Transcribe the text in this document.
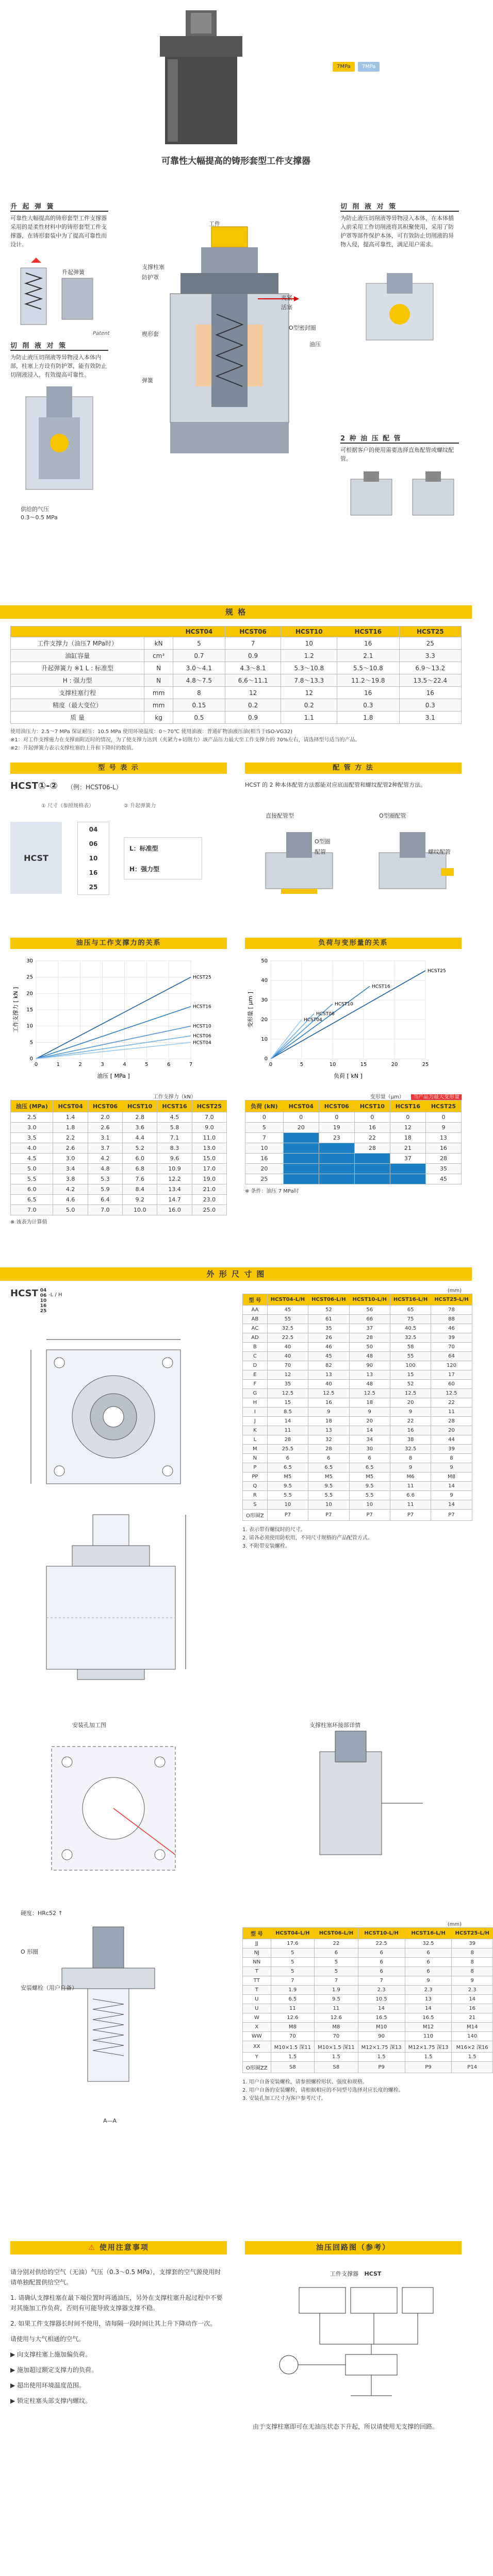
7MPa	7MPa
可靠性大幅提高的铸形套型工件支撑器
升 起 弹 簧
可靠性大幅提高的铸形套型工件支撑器采用的是柔性材料中的铸形套型工件支撑器，在铸形套装中为了提高可靠性而设计。
升起弹簧
切 削 液 对 策
Patent
为防止液压切削液等异物浸入本体内部，柱塞上方设有防护罩，能有效防止切削液浸入，有效提高可靠性。
供给的气压
0.3～0.5 MPa
工件
支撑柱塞
防护罩
夹紧
活塞
楔形套
油压
O型密封圈
弹簧
切 削 液 对 策
为防止液压切削液等异物浸入本体，在本体插入前采用工作切削液将其积聚使用，采用了防护罩等部件保护本体，可有效防止切削液的异物入侵，提高可靠性，满足用户需求。
2 种 油 压 配 管
可根据客户的使用需要选择直角配管或螺纹配管。
规 格
		HCST04	HCST06	HCST10	HCST16	HCST25
工件支撑力（油压7 MPa时）	kN	5	7	10	16	25
油缸容量	cm³	0.7	0.9	1.2	2.1	3.3
升起弹簧力 ※1 L : 标准型	N	3.0～4.1	4.3～8.1	5.3～10.8	5.5～10.8	6.9～13.2
H : 强力型	N	4.8～7.5	6.6～11.1	7.8～13.3	11.2～19.8	13.5～22.4
支撑柱塞行程	mm	8	12	12	16	16
精度（最大变位）	mm	0.15	0.2	0.2	0.3	0.3
质 量	kg	0.5	0.9	1.1	1.8	3.1
使用油压力：2.5～7 MPa 保证耐压：10.5 MPa 使用环境温度：0～70℃ 使用油液：普通矿物油液压油(相当于ISO-VG32)
※1：对工作支撑施力在支撑面附近时的情况，为了使支撑力达到（夹紧力+切削力）该产品压力最大至工作支撑力的 70%左右，请选择型号适当的产品。
※2：升起弹簧力表示支撑柱塞的上升和下降时的数值。
型 号 表 示	配 管 方 法
HCST①-② （例：HCST06-L）
① 尺寸（参照规格表）	② 升起弹簧力
HCST
04
06
10
16
25
L：标准型
H：强力型
HCST 的 2 种本体配管方法都能对应底面配管和螺纹配管2种配管方法。
直接配管型	O型圈配管
O型圈
配管	螺纹配管
油压与工作支撑力的关系	负荷与变形量的关系
0	1	2	3	4	5	6	7
0
5
10
15
20
25
30
油压 [ MPa ]
工作支撑力 [ kN ]
HCST25
HCST16
HCST10
HCST06
HCST04
0	5	10	15	20	25
0
10
20
30
40
50
负荷 [ kN ]
变形量 [ μm ]
HCST25
HCST16
HCST10
HCST06
HCST04
工作支撑力（kN）
油压 (MPa)	HCST04	HCST06	HCST10	HCST16	HCST25
2.5	1.4	2.0	2.8	4.5	7.0
3.0	1.8	2.6	3.6	5.8	9.0
3.5	2.2	3.1	4.4	7.1	11.0
4.0	2.6	3.7	5.2	8.3	13.0
4.5	3.0	4.2	6.0	9.6	15.0
5.0	3.4	4.8	6.8	10.9	17.0
5.5	3.8	5.3	7.6	12.2	19.0
6.0	4.2	5.9	8.4	13.4	21.0
6.5	4.6	6.4	9.2	14.7	23.0
7.0	5.0	7.0	10.0	16.0	25.0
※ 该表为计算值
变形量（μm） 当产品为最大变形量
负荷 (kN)	HCST04	HCST06	HCST10	HCST16	HCST25
0	0	0	0	0	0
5	20	19	16	12	9
7		23	22	18	13
10			28	21	16
16				37	28
20					35
25					45
※ 条件：油压 7 MPa时
外 形 尺 寸 图
HCST 04
06
10
16
25
-L / H
(mm)
型 号	HCST04-L/H	HCST06-L/H	HCST10-L/H	HCST16-L/H	HCST25-L/H
AA	45	52	56	65	78
AB	55	61	66	75	88
AC	32.5	35	37	40.5	46
AD	22.5	26	28	32.5	39
B	40	46	50	58	70
C	40	45	48	55	64
D	70	82	90	100	120
E	12	13	13	15	17
F	35	40	48	52	60
G	12.5	12.5	12.5	12.5	12.5
H	15	16	18	20	22
I	8.5	9	9	9	11
J	14	18	20	22	28
K	11	13	14	16	20
L	28	32	34	38	44
M	25.5	28	30	32.5	39
N	6	6	6	8	8
P	6.5	6.5	6.5	9	9
PP	M5	M5	M5	M6	M8
Q	9.5	9.5	9.5	11	14
R	5.5	5.5	5.5	6.6	9
S	10	10	10	11	14
O形圈Z	P7	P7	P7	P7	P7
1. 表示带有螺纹时的尺寸。
2. 请各必须使用防松用，不同尺寸规格的产品配管方式。
3. 不附带安装螺栓。
安装孔加工图	支撑柱塞环接部详情
硬度：HRc52 ↑
O 形圈
安装螺栓（用户自备）
A—A
(mm)
型 号	HCST04-L/H	HCST06-L/H	HCST10-L/H	HCST16-L/H	HCST25-L/H
JJ	17.6	22	22.5	32.5	39
NJ	5	6	6	6	8
NN	5	5	6	6	8
T	5	5	6	6	8
TT	7	7	7	9	9
T	1.9	1.9	2.3	2.3	2.3
U	6.5	9.5	10.5	13	14
U	11	11	14	14	16
W	12.6	12.6	16.5	16.5	21
X	M8	M8	M10	M12	M14
WW	70	70	90	110	140
XX	M10×1.5 深11	M10×1.5 深11	M12×1.75 深13	M12×1.75 深13	M16×2 深16
Y	1.5	1.5	1.5	1.5	1.5
O形圈ZZ	S8	S8	P9	P9	P14
1. 用户自备安装螺栓，请参照螺栓形状、强度和规格。
2. 用户自备的安装螺栓，请根据相应的不同型号选择对应长度的螺栓。
3. 安装孔加工尺寸为客户参考尺寸。
⚠ 使用注意事项	油压回路图（参考）
请分别对供给的空气（无油）气压（0.3～0.5 MPa），支撑套的空气源使用时请单独配置供给空气。
1. 请确认支撑柱塞在最下端位置时再通油压，另外在支撑柱塞升起过程中不要对其施加工作负荷，否则有可能导致支撑器支撑不稳。
2. 如果工件支撑器长时间不使用，请每隔一段时间让其上升下降动作一次。
请使用与大气相通的空气。
▶ 向支撑柱塞上施加偏负荷。
▶ 施加超过额定支撑力的负荷。
▶ 超出使用环境温度范围。
▶ 锁定柱塞头部支撑内螺纹。
工件支撑器 HCST
由于支撑柱塞即可在无油压状态下升起，所以请使用无支撑的回路。
